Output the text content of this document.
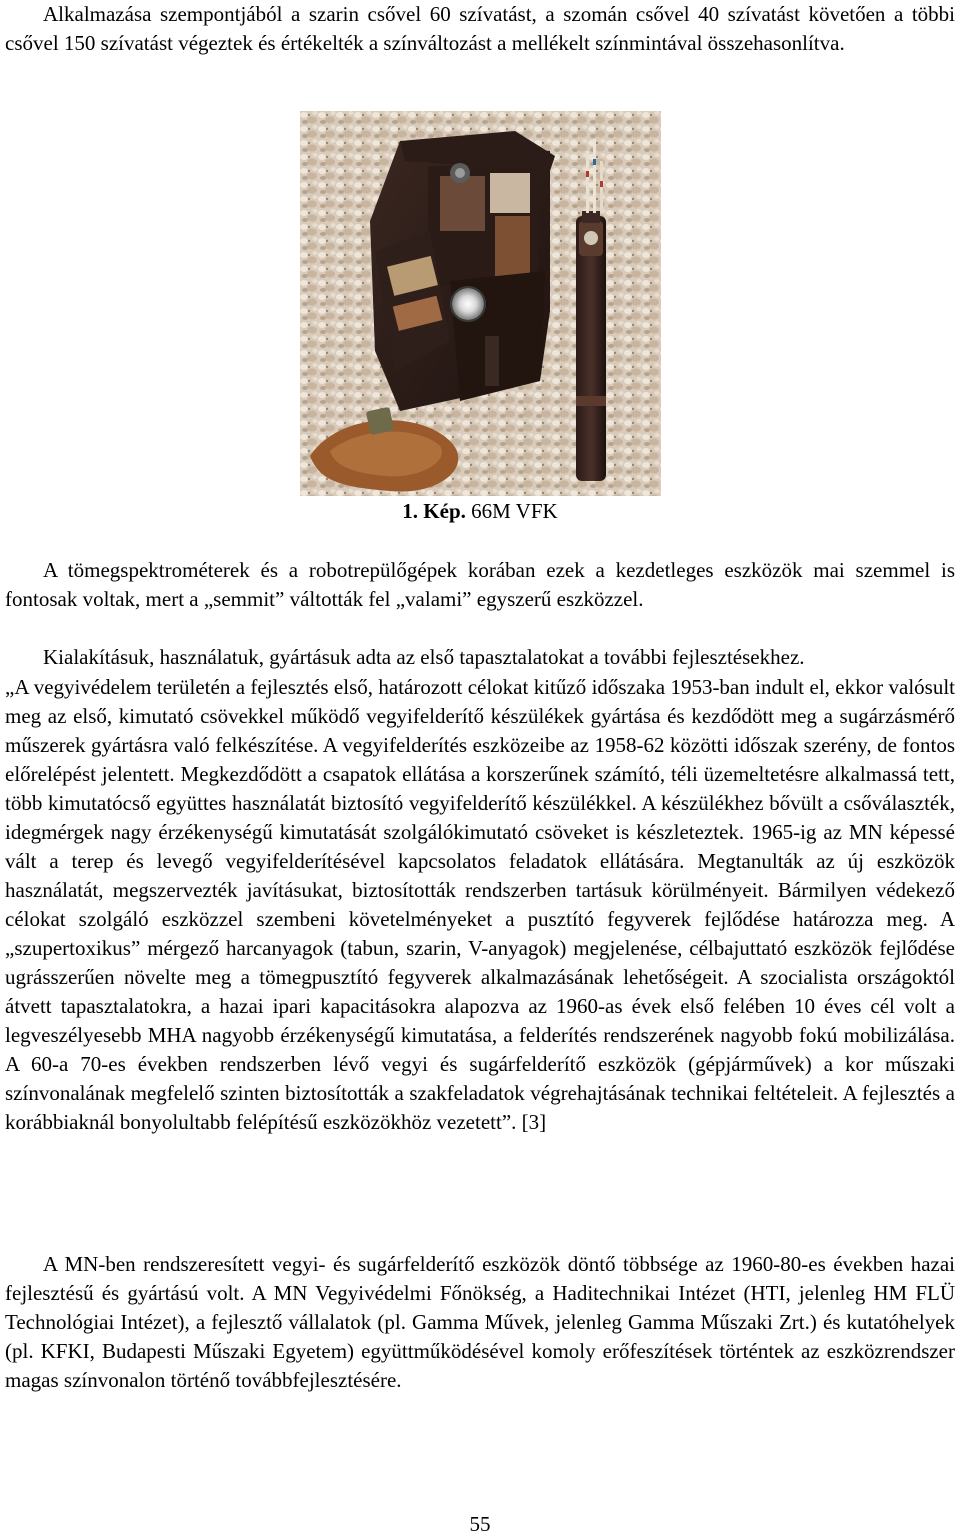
Alkalmazása szempontjából a szarin csővel 60 szívatást, a szomán csővel 40 szívatást követően a többi csővel 150 szívatást végeztek és értékelték a színváltozást a mellékelt színmintával összehasonlítva.

1. Kép. 66M VFK

A tömegspektrométerek és a robotrepülőgépek korában ezek a kezdetleges eszközök mai szemmel is fontosak voltak, mert a „semmit” váltották fel „valami” egyszerű eszközzel.

Kialakításuk, használatuk, gyártásuk adta az első tapasztalatokat a további fejlesztésekhez.

„A vegyivédelem területén a fejlesztés első, határozott célokat kitűző időszaka 1953-ban indult el, ekkor valósult meg az első, kimutató csövekkel működő vegyifelderítő készülékek gyártása és kezdődött meg a sugárzásmérő műszerek gyártásra való felkészítése. A vegyifelderítés eszközeibe az 1958-62 közötti időszak szerény, de fontos előrelépést jelentett. Megkezdődött a csapatok ellátása a korszerűnek számító, téli üzemeltetésre alkalmassá tett, több kimutatócső együttes használatát biztosító vegyifelderítő készülékkel. A készülékhez bővült a csőválaszték, idegmérgek nagy érzékenységű kimutatását szolgálókimutató csöveket is készleteztek. 1965-ig az MN képessé vált a terep és levegő vegyifelderítésével kapcsolatos feladatok ellátására. Megtanulták az új eszközök használatát, megszervezték javításukat, biztosították rendszerben tartásuk körülményeit. Bármilyen védekező célokat szolgáló eszközzel szembeni követelményeket a pusztító fegyverek fejlődése határozza meg. A „szupertoxikus” mérgező harcanyagok (tabun, szarin, V-anyagok) megjelenése, célbajuttató eszközök fejlődése ugrásszerűen növelte meg a tömegpusztító fegyverek alkalmazásának lehetőségeit. A szocialista országoktól átvett tapasztalatokra, a hazai ipari kapacitásokra alapozva az 1960-as évek első felében 10 éves cél volt a legveszélyesebb MHA nagyobb érzékenységű kimutatása, a felderítés rendszerének nagyobb fokú mobilizálása. A 60-a 70-es években rendszerben lévő vegyi és sugárfelderítő eszközök (gépjárművek) a kor műszaki színvonalának megfelelő szinten biztosították a szakfeladatok végrehajtásának technikai feltételeit. A fejlesztés a korábbiaknál bonyolultabb felépítésű eszközökhöz vezetett”. [3]

A MN-ben rendszeresített vegyi- és sugárfelderítő eszközök döntő többsége az 1960-80-es években hazai fejlesztésű és gyártású volt. A MN Vegyivédelmi Főnökség, a Haditechnikai Intézet (HTI, jelenleg HM FLÜ Technológiai Intézet), a fejlesztő vállalatok (pl. Gamma Művek, jelenleg Gamma Műszaki Zrt.) és kutatóhelyek (pl. KFKI, Budapesti Műszaki Egyetem) együttműködésével komoly erőfeszítések történtek az eszközrendszer magas színvonalon történő továbbfejlesztésére.

55
